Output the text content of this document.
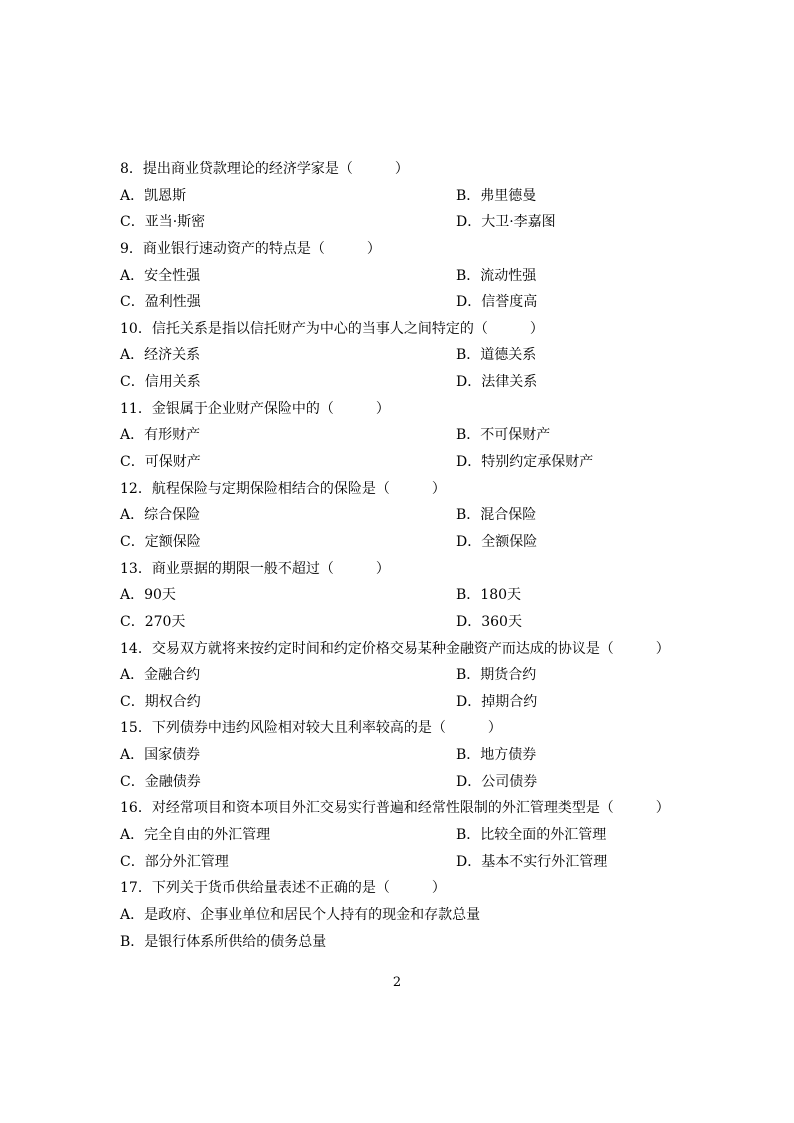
8．提出商业贷款理论的经济学家是（　　　）
A．凯恩斯	B．弗里德曼
C．亚当·斯密	D．大卫·李嘉图
9．商业银行速动资产的特点是（　　　）
A．安全性强	B．流动性强
C．盈利性强	D．信誉度高
10．信托关系是指以信托财产为中心的当事人之间特定的（　　　）
A．经济关系	B．道德关系
C．信用关系	D．法律关系
11．金银属于企业财产保险中的（　　　）
A．有形财产	B．不可保财产
C．可保财产	D．特别约定承保财产
12．航程保险与定期保险相结合的保险是（　　　）
A．综合保险	B．混合保险
C．定额保险	D．全额保险
13．商业票据的期限一般不超过（　　　）
A．90天	B．180天
C．270天	D．360天
14．交易双方就将来按约定时间和约定价格交易某种金融资产而达成的协议是（　　　）
A．金融合约	B．期货合约
C．期权合约	D．掉期合约
15．下列债券中违约风险相对较大且利率较高的是（　　　）
A．国家债券	B．地方债券
C．金融债券	D．公司债券
16．对经常项目和资本项目外汇交易实行普遍和经常性限制的外汇管理类型是（　　　）
A．完全自由的外汇管理	B．比较全面的外汇管理
C．部分外汇管理	D．基本不实行外汇管理
17．下列关于货币供给量表述不正确的是（　　　）
A．是政府、企事业单位和居民个人持有的现金和存款总量
B．是银行体系所供给的债务总量
2
